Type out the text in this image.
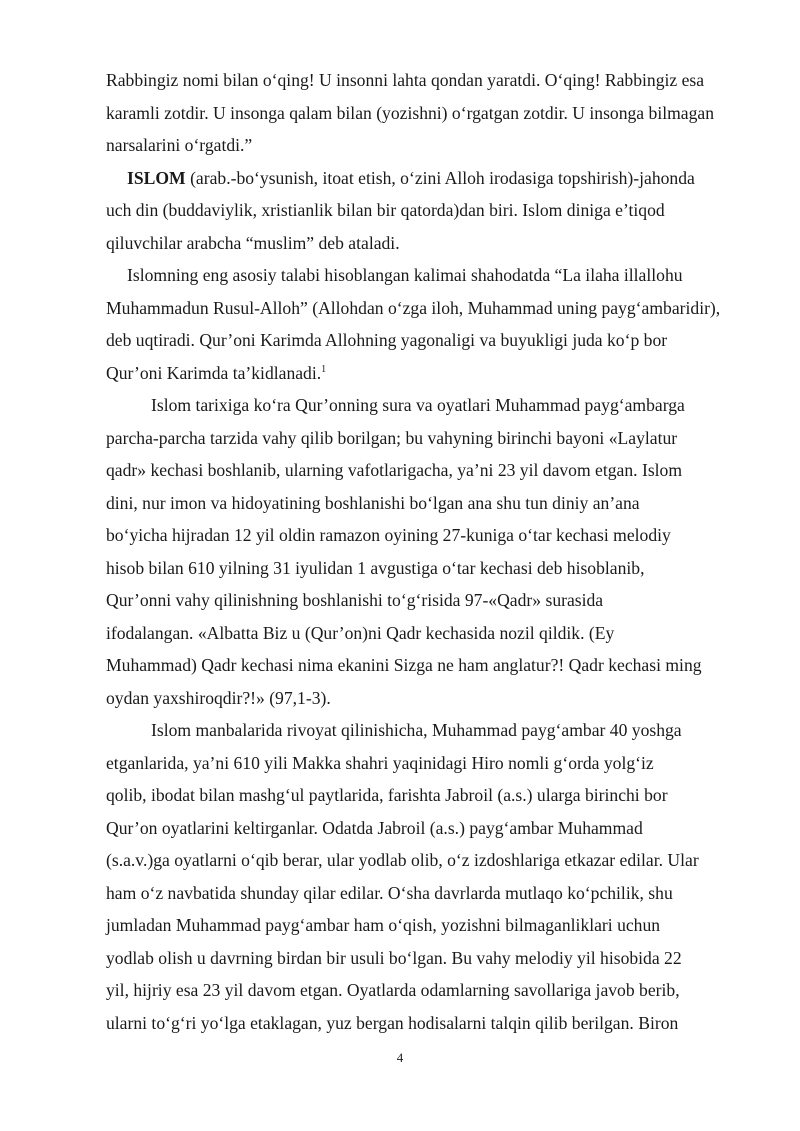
Rabbingiz nomi bilan o‘qing! U insonni lahta qondan yaratdi. O‘qing! Rabbingiz esa

karamli zotdir. U insonga qalam bilan (yozishni) o‘rgatgan zotdir. U insonga bilmagan

narsalarini o‘rgatdi.”

ISLOM (arab.-bo‘ysunish, itoat etish, o‘zini Alloh irodasiga topshirish)-jahonda

uch din (buddaviylik, xristianlik bilan bir qatorda)dan biri. Islom diniga e’tiqod

qiluvchilar arabcha “muslim” deb ataladi.

Islomning eng asosiy talabi hisoblangan kalimai shahodatda “La ilaha illallohu

Muhammadun Rusul-Alloh” (Allohdan o‘zga iloh, Muhammad uning payg‘ambaridir),

deb uqtiradi. Qur’oni Karimda Allohning yagonaligi va buyukligi juda ko‘p bor

Qur’oni Karimda ta’kidlanadi.$^1$

Islom tarixiga ko‘ra Qur’onning sura va oyatlari Muhammad payg‘ambarga

parcha-parcha tarzida vahy qilib borilgan; bu vahyning birinchi bayoni «Laylatur

qadr» kechasi boshlanib, ularning vafotlarigacha, ya’ni 23 yil davom etgan. Islom

dini, nur imon va hidoyatining boshlanishi bo‘lgan ana shu tun diniy an’ana

bo‘yicha hijradan 12 yil oldin ramazon oyining 27-kuniga o‘tar kechasi melodiy

hisob bilan 610 yilning 31 iyulidan 1 avgustiga o‘tar kechasi deb hisoblanib,

Qur’onni vahy qilinishning boshlanishi to‘g‘risida 97-«Qadr» surasida

ifodalangan. «Albatta Biz u (Qur’on)ni Qadr kechasida nozil qildik. (Ey

Muhammad) Qadr kechasi nima ekanini Sizga ne ham anglatur?! Qadr kechasi ming

oydan yaxshiroqdir?!» (97,1-3).

Islom manbalarida rivoyat qilinishicha, Muhammad payg‘ambar 40 yoshga

etganlarida, ya’ni 610 yili Makka shahri yaqinidagi Hiro nomli g‘orda yolg‘iz

qolib, ibodat bilan mashg‘ul paytlarida, farishta Jabroil (a.s.) ularga birinchi bor

Qur’on oyatlarini keltirganlar. Odatda Jabroil (a.s.) payg‘ambar Muhammad

(s.a.v.)ga oyatlarni o‘qib berar, ular yodlab olib, o‘z izdoshlariga etkazar edilar. Ular

ham o‘z navbatida shunday qilar edilar. O‘sha davrlarda mutlaqo ko‘pchilik, shu

jumladan Muhammad payg‘ambar ham o‘qish, yozishni bilmaganliklari uchun

yodlab olish u davrning birdan bir usuli bo‘lgan. Bu vahy melodiy yil hisobida 22

yil, hijriy esa 23 yil davom etgan. Oyatlarda odamlarning savollariga javob berib,

ularni to‘g‘ri yo‘lga etaklagan, yuz bergan hodisalarni talqin qilib berilgan. Biron

4
